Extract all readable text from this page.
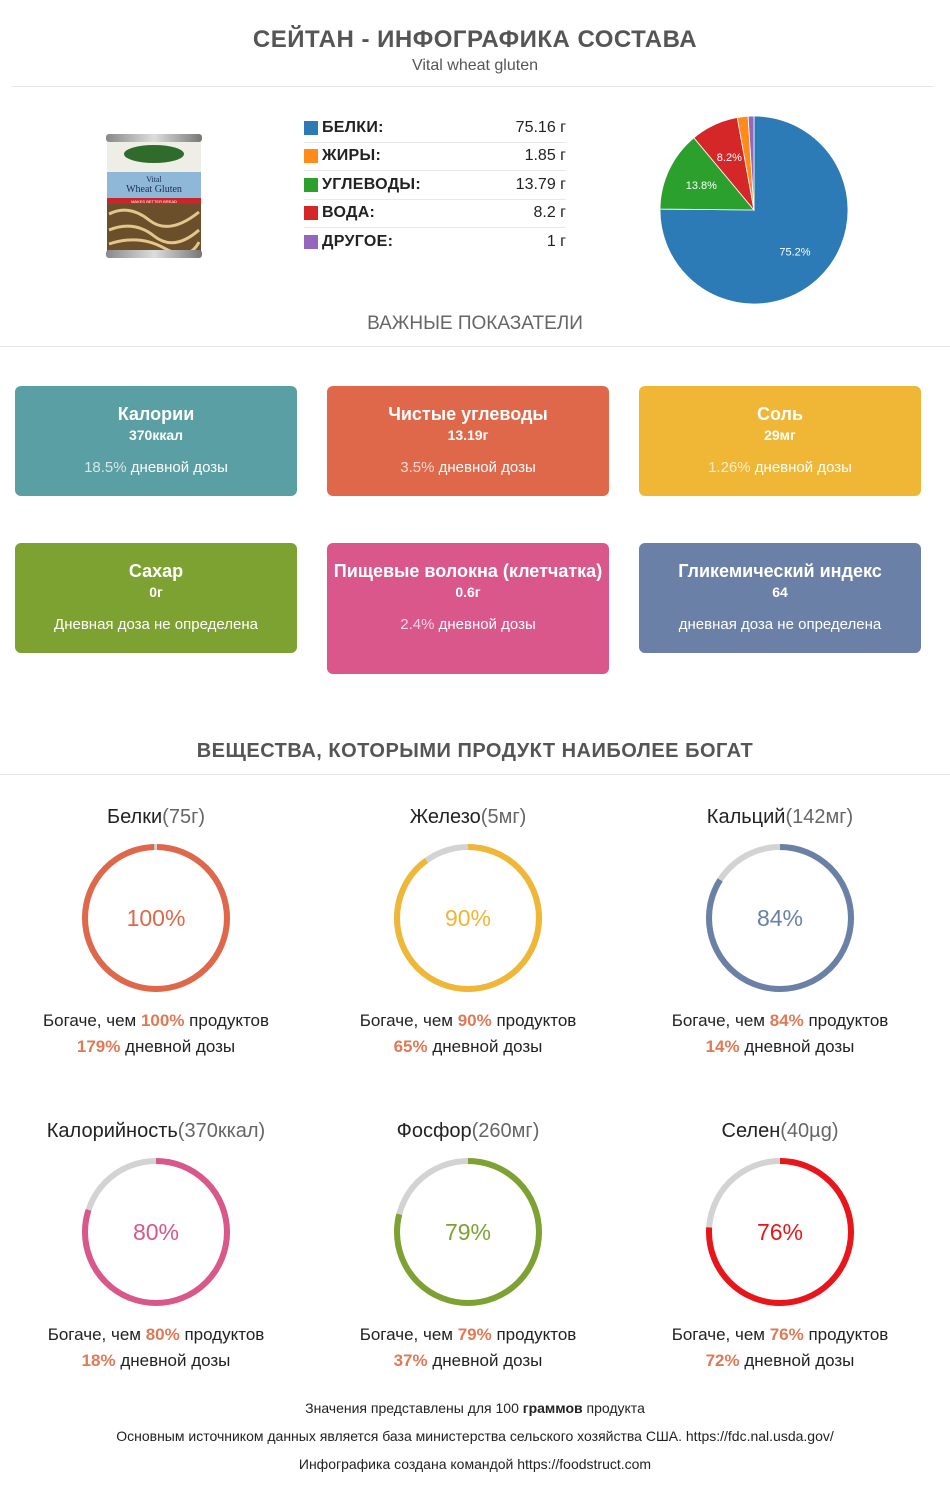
СЕЙТАН - ИНФОГРАФИКА СОСТАВА
Vital wheat gluten
Vital
Wheat Gluten
MAKES BETTER BREAD
БЕЛКИ:	75.16 г
ЖИРЫ:	1.85 г
УГЛЕВОДЫ:	13.79 г
ВОДА:	8.2 г
ДРУГОЕ:	1 г
75.2%
13.8%
8.2%
ВАЖНЫЕ ПОКАЗАТЕЛИ
Калории
370ккал
18.5% дневной дозы
Чистые углеводы
13.19г
3.5% дневной дозы
Соль
29мг
1.26% дневной дозы
Сахар
0г
Дневная доза не определена
Пищевые волокна (клетчатка)
0.6г
2.4% дневной дозы
Гликемический индекс
64
дневная доза не определена
ВЕЩЕСТВА, КОТОРЫМИ ПРОДУКТ НАИБОЛЕЕ БОГАТ
Белки(75г)
100%
Богаче, чем 100% продуктов
179% дневной дозы
Железо(5мг)
90%
Богаче, чем 90% продуктов
65% дневной дозы
Кальций(142мг)
84%
Богаче, чем 84% продуктов
14% дневной дозы
Калорийность(370ккал)
80%
Богаче, чем 80% продуктов
18% дневной дозы
Фосфор(260мг)
79%
Богаче, чем 79% продуктов
37% дневной дозы
Селен(40µg)
76%
Богаче, чем 76% продуктов
72% дневной дозы
Значения представлены для 100 граммов продукта
Основным источником данных является база министерства сельского хозяйства США. https://fdc.nal.usda.gov/
Инфографика создана командой https://foodstruct.com
